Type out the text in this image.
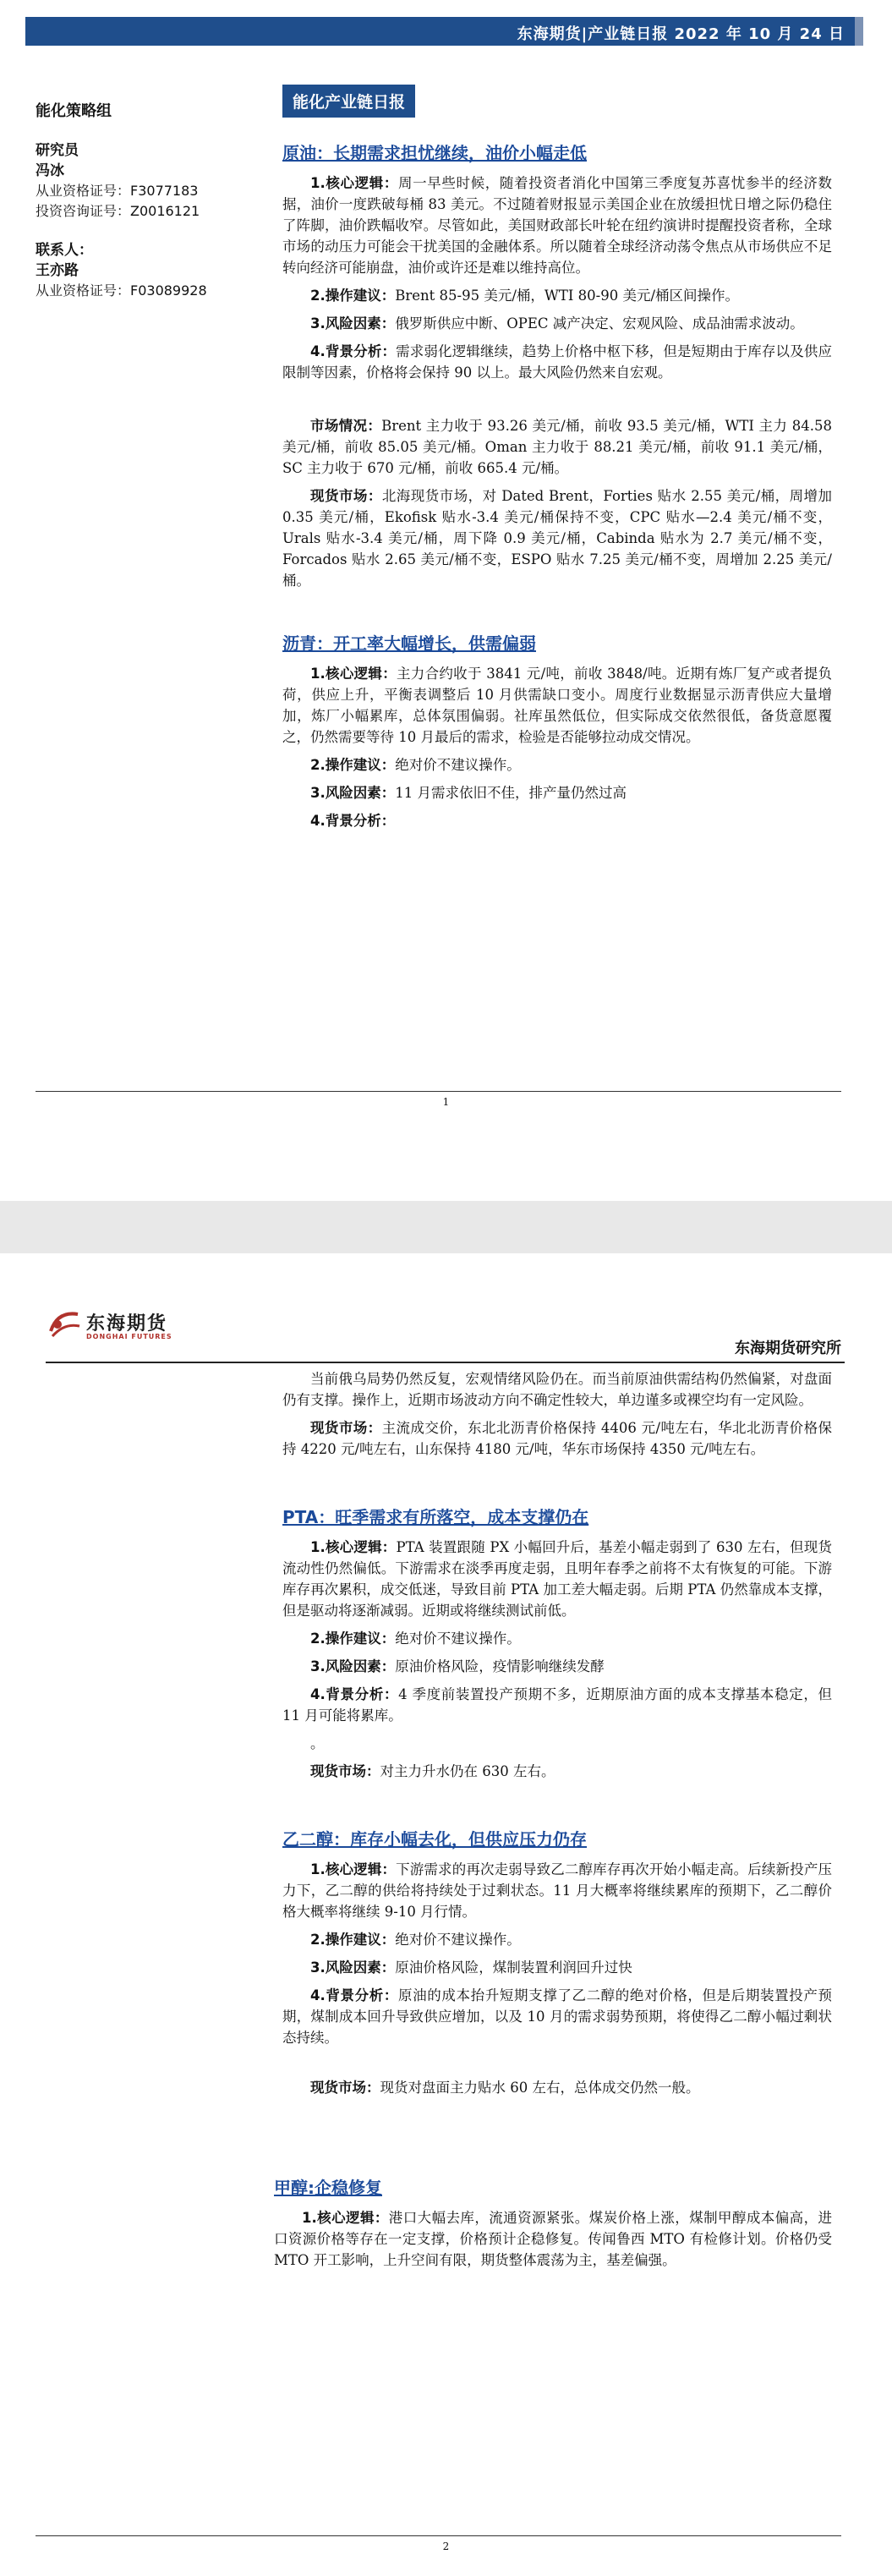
东海期货|产业链日报 2022 年 10 月 24 日
能化策略组
研究员
冯冰
从业资格证号：F3077183
投资咨询证号：Z0016121
联系人：
王亦路
从业资格证号：F03089928
能化产业链日报
原油：长期需求担忧继续，油价小幅走低

1.核心逻辑：周一早些时候，随着投资者消化中国第三季度复苏喜忧参半的经济数据，油价一度跌破每桶 83 美元。不过随着财报显示美国企业在放缓担忧日增之际仍稳住了阵脚，油价跌幅收窄。尽管如此，美国财政部长叶轮在纽约演讲时提醒投资者称，全球市场的动压力可能会干扰美国的金融体系。所以随着全球经济动荡令焦点从市场供应不足转向经济可能崩盘，油价或许还是难以维持高位。

2.操作建议：Brent 85-95 美元/桶，WTI 80-90 美元/桶区间操作。

3.风险因素：俄罗斯供应中断、OPEC 减产决定、宏观风险、成品油需求波动。

4.背景分析：需求弱化逻辑继续，趋势上价格中枢下移，但是短期由于库存以及供应限制等因素，价格将会保持 90 以上。最大风险仍然来自宏观。

市场情况：Brent 主力收于 93.26 美元/桶，前收 93.5 美元/桶，WTI 主力 84.58 美元/桶，前收 85.05 美元/桶。Oman 主力收于 88.21 美元/桶，前收 91.1 美元/桶，SC 主力收于 670 元/桶，前收 665.4 元/桶。

现货市场：北海现货市场，对 Dated Brent，Forties 贴水 2.55 美元/桶，周增加 0.35 美元/桶，Ekofisk 贴水-3.4 美元/桶保持不变，CPC 贴水—2.4 美元/桶不变，Urals 贴水-3.4 美元/桶，周下降 0.9 美元/桶，Cabinda 贴水为 2.7 美元/桶不变，Forcados 贴水 2.65 美元/桶不变，ESPO 贴水 7.25 美元/桶不变，周增加 2.25 美元/桶。

沥青：开工率大幅增长，供需偏弱

1.核心逻辑：主力合约收于 3841 元/吨，前收 3848/吨。近期有炼厂复产或者提负荷，供应上升，平衡表调整后 10 月供需缺口变小。周度行业数据显示沥青供应大量增加，炼厂小幅累库，总体氛围偏弱。社库虽然低位，但实际成交依然很低，备货意愿覆之，仍然需要等待 10 月最后的需求，检验是否能够拉动成交情况。

2.操作建议：绝对价不建议操作。

3.风险因素：11 月需求依旧不佳，排产量仍然过高

4.背景分析：

1
东海期货
DONGHAI FUTURES
东海期货研究所

当前俄乌局势仍然反复，宏观情绪风险仍在。而当前原油供需结构仍然偏紧，对盘面仍有支撑。操作上，近期市场波动方向不确定性较大，单边谨多或裸空均有一定风险。

现货市场：主流成交价，东北北沥青价格保持 4406 元/吨左右，华北北沥青价格保持 4220 元/吨左右，山东保持 4180 元/吨，华东市场保持 4350 元/吨左右。

PTA：旺季需求有所落空，成本支撑仍在

1.核心逻辑：PTA 装置跟随 PX 小幅回升后，基差小幅走弱到了 630 左右，但现货流动性仍然偏低。下游需求在淡季再度走弱，且明年春季之前将不太有恢复的可能。下游库存再次累积，成交低迷，导致目前 PTA 加工差大幅走弱。后期 PTA 仍然靠成本支撑，但是驱动将逐渐减弱。近期或将继续测试前低。

2.操作建议：绝对价不建议操作。

3.风险因素：原油价格风险，疫情影响继续发酵

4.背景分析：4 季度前装置投产预期不多，近期原油方面的成本支撑基本稳定，但 11 月可能将累库。

。

现货市场：对主力升水仍在 630 左右。

乙二醇：库存小幅去化，但供应压力仍存

1.核心逻辑：下游需求的再次走弱导致乙二醇库存再次开始小幅走高。后续新投产压力下，乙二醇的供给将持续处于过剩状态。11 月大概率将继续累库的预期下，乙二醇价格大概率将继续 9-10 月行情。

2.操作建议：绝对价不建议操作。

3.风险因素：原油价格风险，煤制装置利润回升过快

4.背景分析：原油的成本抬升短期支撑了乙二醇的绝对价格，但是后期装置投产预期，煤制成本回升导致供应增加，以及 10 月的需求弱势预期，将使得乙二醇小幅过剩状态持续。

现货市场：现货对盘面主力贴水 60 左右，总体成交仍然一般。

甲醇:企稳修复

1.核心逻辑：港口大幅去库，流通资源紧张。煤炭价格上涨，煤制甲醇成本偏高，进口资源价格等存在一定支撑，价格预计企稳修复。传闻鲁西 MTO 有检修计划。价格仍受 MTO 开工影响，上升空间有限，期货整体震荡为主，基差偏强。

2
